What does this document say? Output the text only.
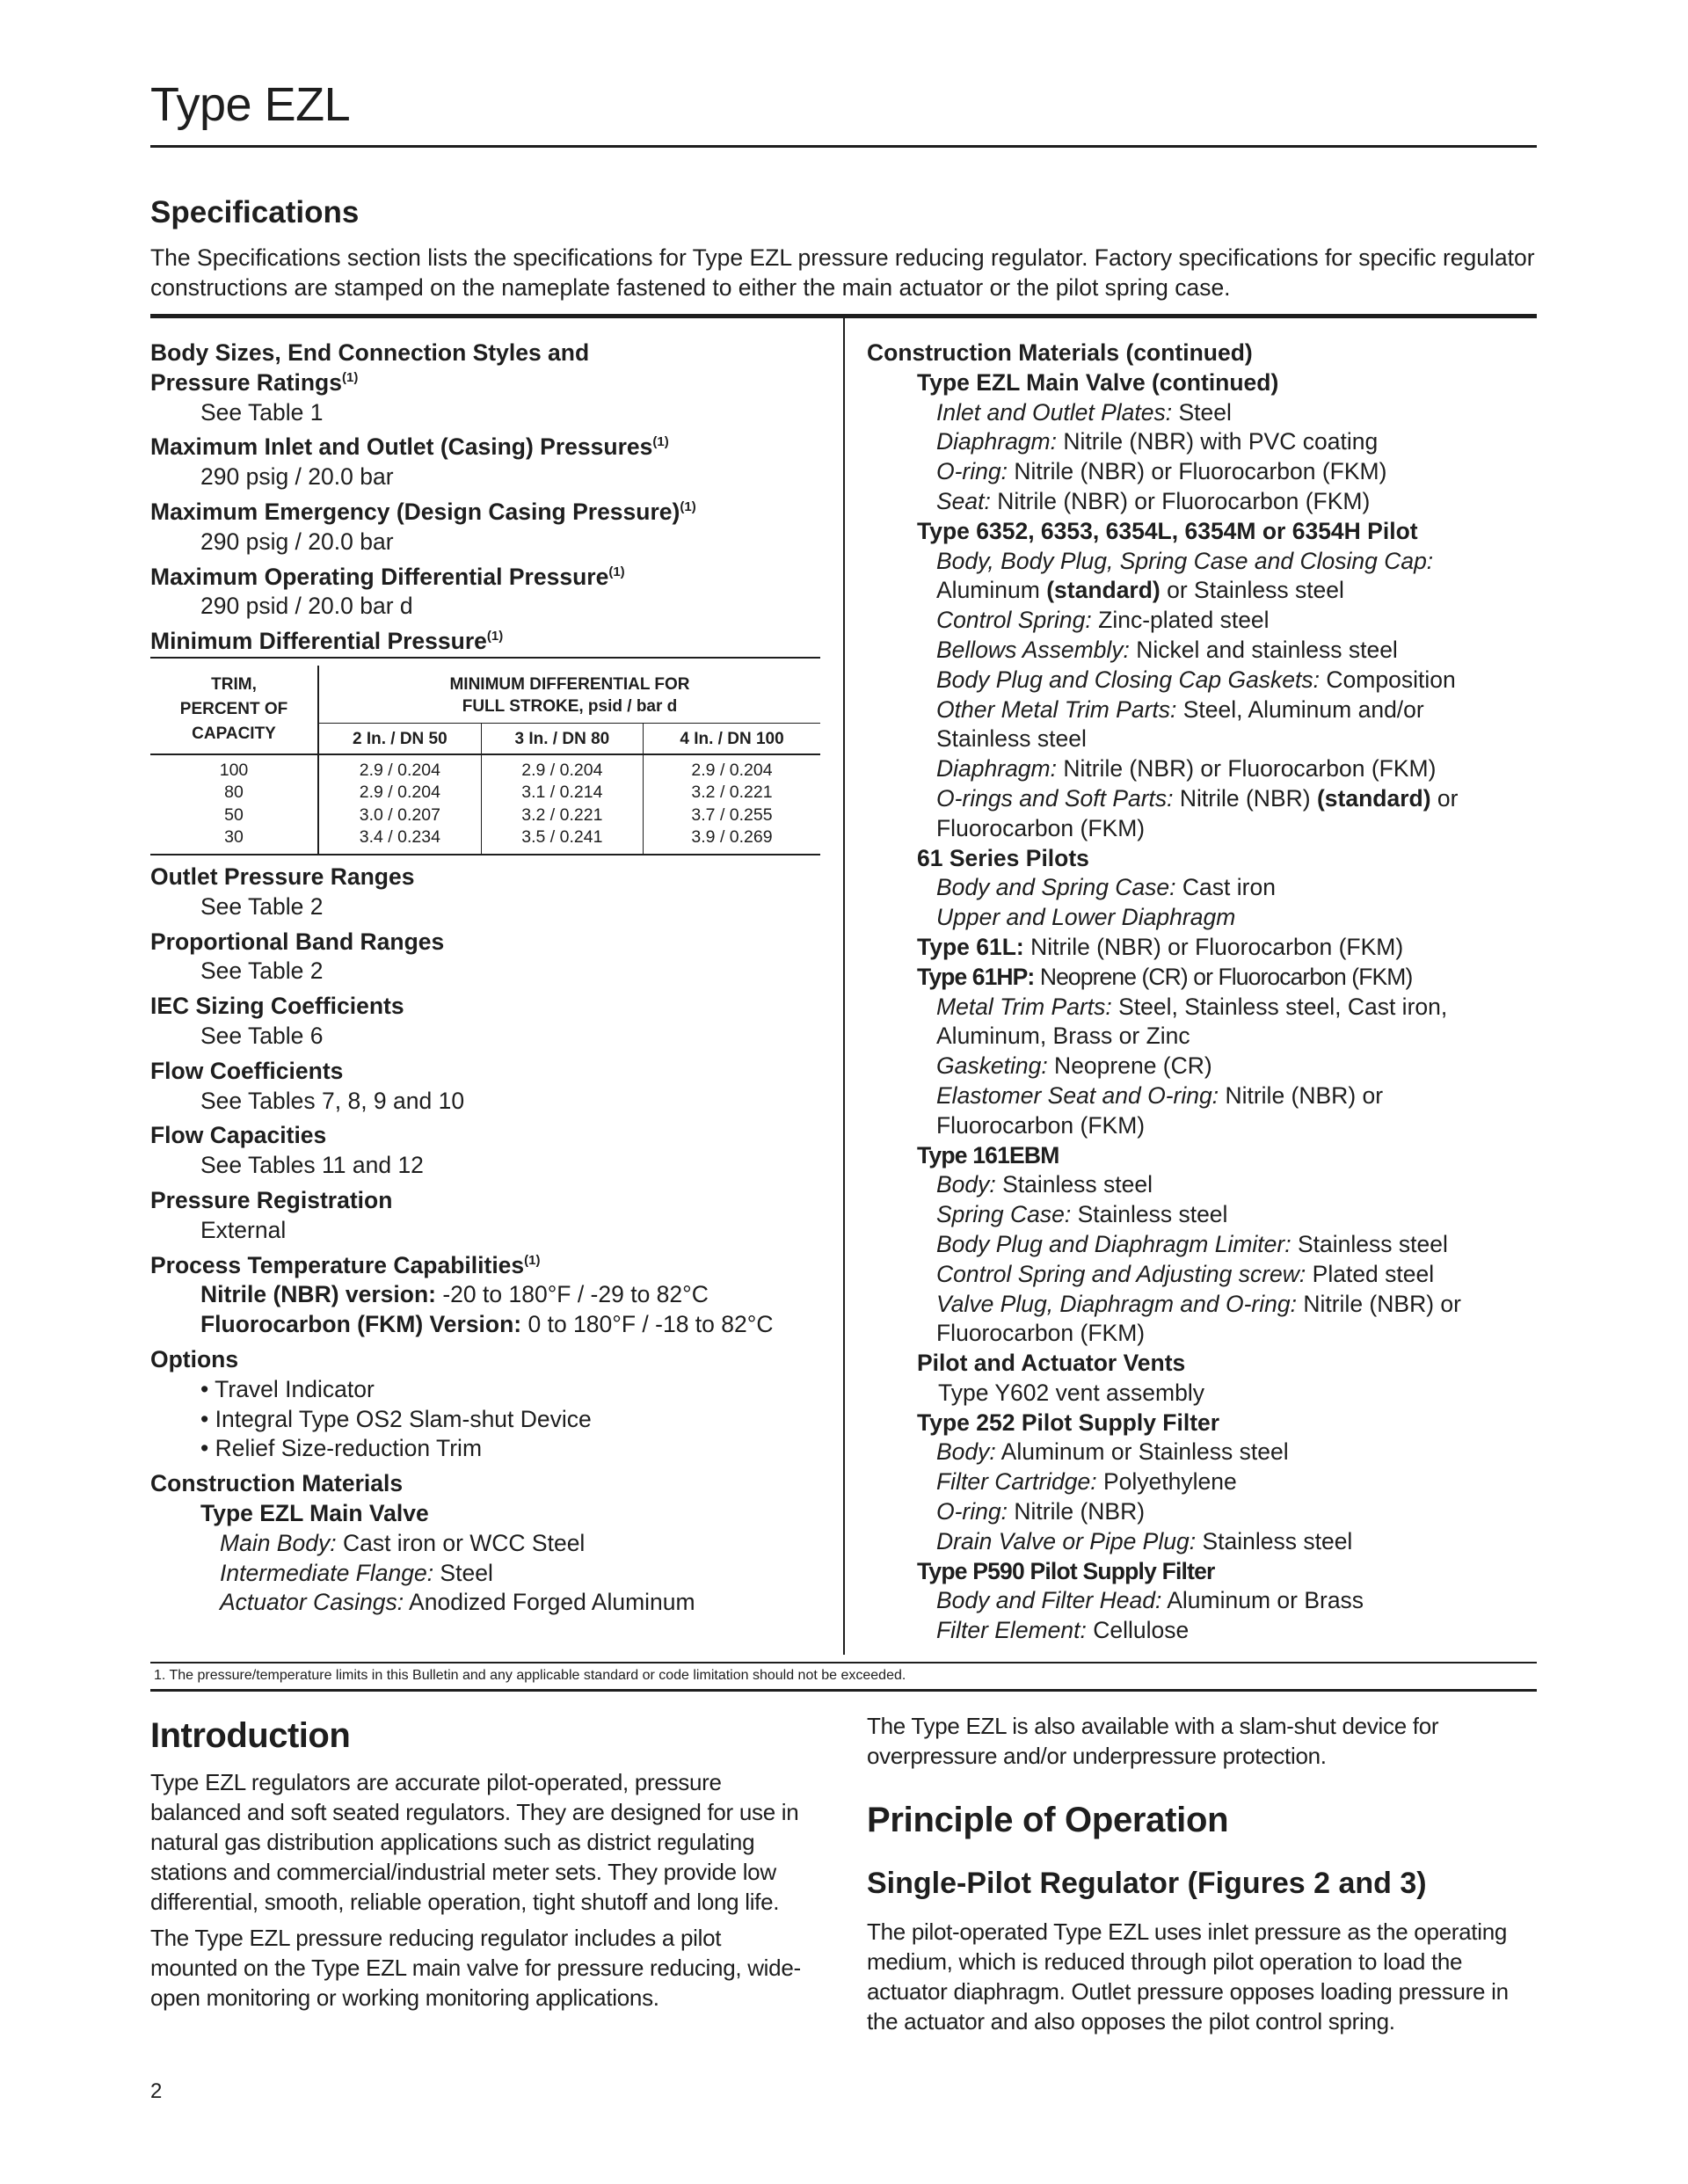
Type EZL
Specifications
The Specifications section lists the specifications for Type EZL pressure reducing regulator. Factory specifications for specific regulator constructions are stamped on the nameplate fastened to either the main actuator or the pilot spring case.
Body Sizes, End Connection Styles and
Pressure Ratings$^{(1)}$
See Table 1
Maximum Inlet and Outlet (Casing) Pressures$^{(1)}$
290 psig / 20.0 bar
Maximum Emergency (Design Casing Pressure)$^{(1)}$
290 psig / 20.0 bar
Maximum Operating Differential Pressure$^{(1)}$
290 psid / 20.0 bar d
Minimum Differential Pressure$^{(1)}$
TRIM,
PERCENT OF
CAPACITY	MINIMUM DIFFERENTIAL FOR
FULL STROKE, psid / bar d		
	2 In. / DN 50	3 In. / DN 80	4 In. / DN 100
100	2.9 / 0.204	2.9 / 0.204	2.9 / 0.204
80	2.9 / 0.204	3.1 / 0.214	3.2 / 0.221
50	3.0 / 0.207	3.2 / 0.221	3.7 / 0.255
30	3.4 / 0.234	3.5 / 0.241	3.9 / 0.269
Outlet Pressure Ranges
See Table 2
Proportional Band Ranges
See Table 2
IEC Sizing Coefficients
See Table 6
Flow Coefficients
See Tables 7, 8, 9 and 10
Flow Capacities
See Tables 11 and 12
Pressure Registration
External
Process Temperature Capabilities$^{(1)}$
Nitrile (NBR) version: -20 to 180°F / -29 to 82°C
Fluorocarbon (FKM) Version: 0 to 180°F / -18 to 82°C
Options
• Travel Indicator
• Integral Type OS2 Slam-shut Device
• Relief Size-reduction Trim
Construction Materials
Type EZL Main Valve
Main Body: Cast iron or WCC Steel
Intermediate Flange: Steel
Actuator Casings: Anodized Forged Aluminum
Construction Materials (continued)
Type EZL Main Valve (continued)
Inlet and Outlet Plates: Steel
Diaphragm: Nitrile (NBR) with PVC coating
O-ring: Nitrile (NBR) or Fluorocarbon (FKM)
Seat: Nitrile (NBR) or Fluorocarbon (FKM)
Type 6352, 6353, 6354L, 6354M or 6354H Pilot
Body, Body Plug, Spring Case and Closing Cap:
Aluminum (standard) or Stainless steel
Control Spring: Zinc-plated steel
Bellows Assembly: Nickel and stainless steel
Body Plug and Closing Cap Gaskets: Composition
Other Metal Trim Parts: Steel, Aluminum and/or
Stainless steel
Diaphragm: Nitrile (NBR) or Fluorocarbon (FKM)
O-rings and Soft Parts: Nitrile (NBR) (standard) or
Fluorocarbon (FKM)
61 Series Pilots
Body and Spring Case: Cast iron
Upper and Lower Diaphragm
Type 61L: Nitrile (NBR) or Fluorocarbon (FKM)
Type 61HP: Neoprene (CR) or Fluorocarbon (FKM)
Metal Trim Parts: Steel, Stainless steel, Cast iron,
Aluminum, Brass or Zinc
Gasketing: Neoprene (CR)
Elastomer Seat and O-ring: Nitrile (NBR) or
Fluorocarbon (FKM)
Type 161EBM
Body: Stainless steel
Spring Case: Stainless steel
Body Plug and Diaphragm Limiter: Stainless steel
Control Spring and Adjusting screw: Plated steel
Valve Plug, Diaphragm and O-ring: Nitrile (NBR) or
Fluorocarbon (FKM)
Pilot and Actuator Vents
Type Y602 vent assembly
Type 252 Pilot Supply Filter
Body: Aluminum or Stainless steel
Filter Cartridge: Polyethylene
O-ring: Nitrile (NBR)
Drain Valve or Pipe Plug: Stainless steel
Type P590 Pilot Supply Filter
Body and Filter Head: Aluminum or Brass
Filter Element: Cellulose
1. The pressure/temperature limits in this Bulletin and any applicable standard or code limitation should not be exceeded.
Introduction
Type EZL regulators are accurate pilot-operated, pressure balanced and soft seated regulators. They are designed for use in natural gas distribution applications such as district regulating stations and commercial/industrial meter sets. They provide low differential, smooth, reliable operation, tight shutoff and long life.
The Type EZL pressure reducing regulator includes a pilot mounted on the Type EZL main valve for pressure reducing, wide-open monitoring or working monitoring applications.
The Type EZL is also available with a slam-shut device for overpressure and/or underpressure protection.
Principle of Operation
Single-Pilot Regulator (Figures 2 and 3)
The pilot-operated Type EZL uses inlet pressure as the operating medium, which is reduced through pilot operation to load the actuator diaphragm. Outlet pressure opposes loading pressure in the actuator and also opposes the pilot control spring.
2
